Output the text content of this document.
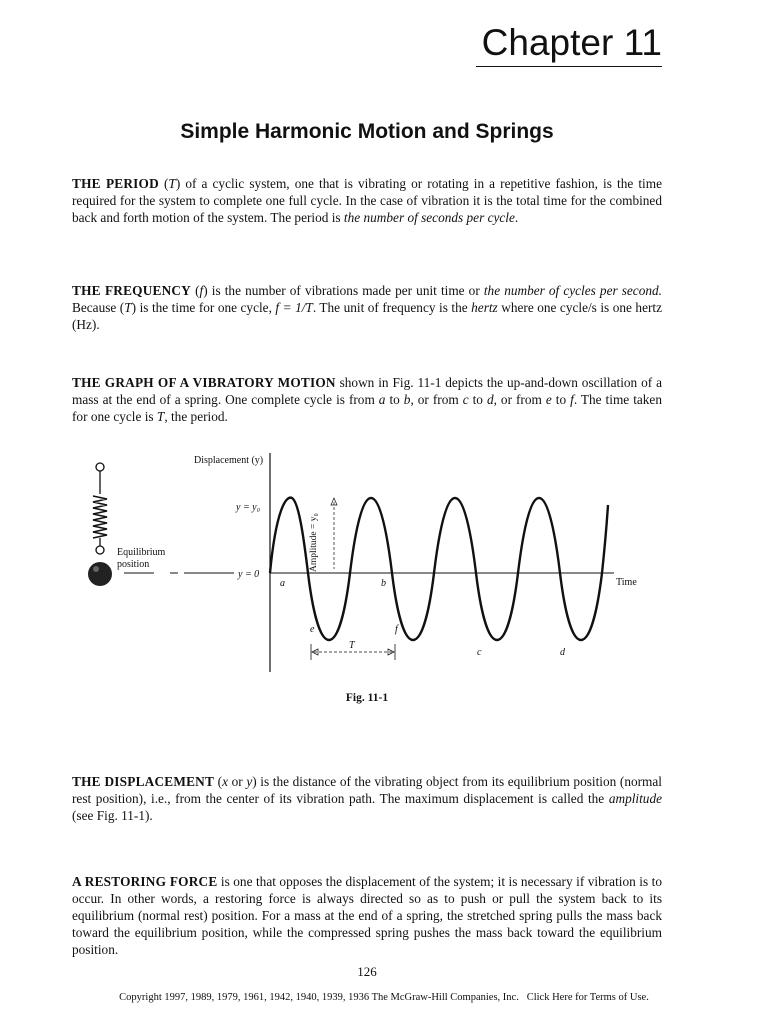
Chapter 11
Simple Harmonic Motion and Springs

THE PERIOD (T) of a cyclic system, one that is vibrating or rotating in a repetitive fashion, is the time required for the system to complete one full cycle. In the case of vibration it is the total time for the combined back and forth motion of the system. The period is the number of seconds per cycle.

THE FREQUENCY (f) is the number of vibrations made per unit time or the number of cycles per second. Because (T) is the time for one cycle, f = 1/T. The unit of frequency is the hertz where one cycle/s is one hertz (Hz).

THE GRAPH OF A VIBRATORY MOTION shown in Fig. 11-1 depicts the up-and-down oscillation of a mass at the end of a spring. One complete cycle is from a to b, or from c to d, or from e to f. The time taken for one cycle is T, the period.

Displacement (y)
Time
y = y₀
y = 0
Equilibrium
position	Amplitude = y₀
a	b
e	f
c	d
T

Fig. 11-1

THE DISPLACEMENT (x or y) is the distance of the vibrating object from its equilibrium position (normal rest position), i.e., from the center of its vibration path. The maximum displacement is called the amplitude (see Fig. 11-1).

A RESTORING FORCE is one that opposes the displacement of the system; it is necessary if vibration is to occur. In other words, a restoring force is always directed so as to push or pull the system back to its equilibrium (normal rest) position. For a mass at the end of a spring, the stretched spring pulls the mass back toward the equilibrium position, while the compressed spring pushes the mass back toward the equilibrium position.

126

Copyright 1997, 1989, 1979, 1961, 1942, 1940, 1939, 1936 The McGraw-Hill Companies, Inc. Click Here for Terms of Use.
